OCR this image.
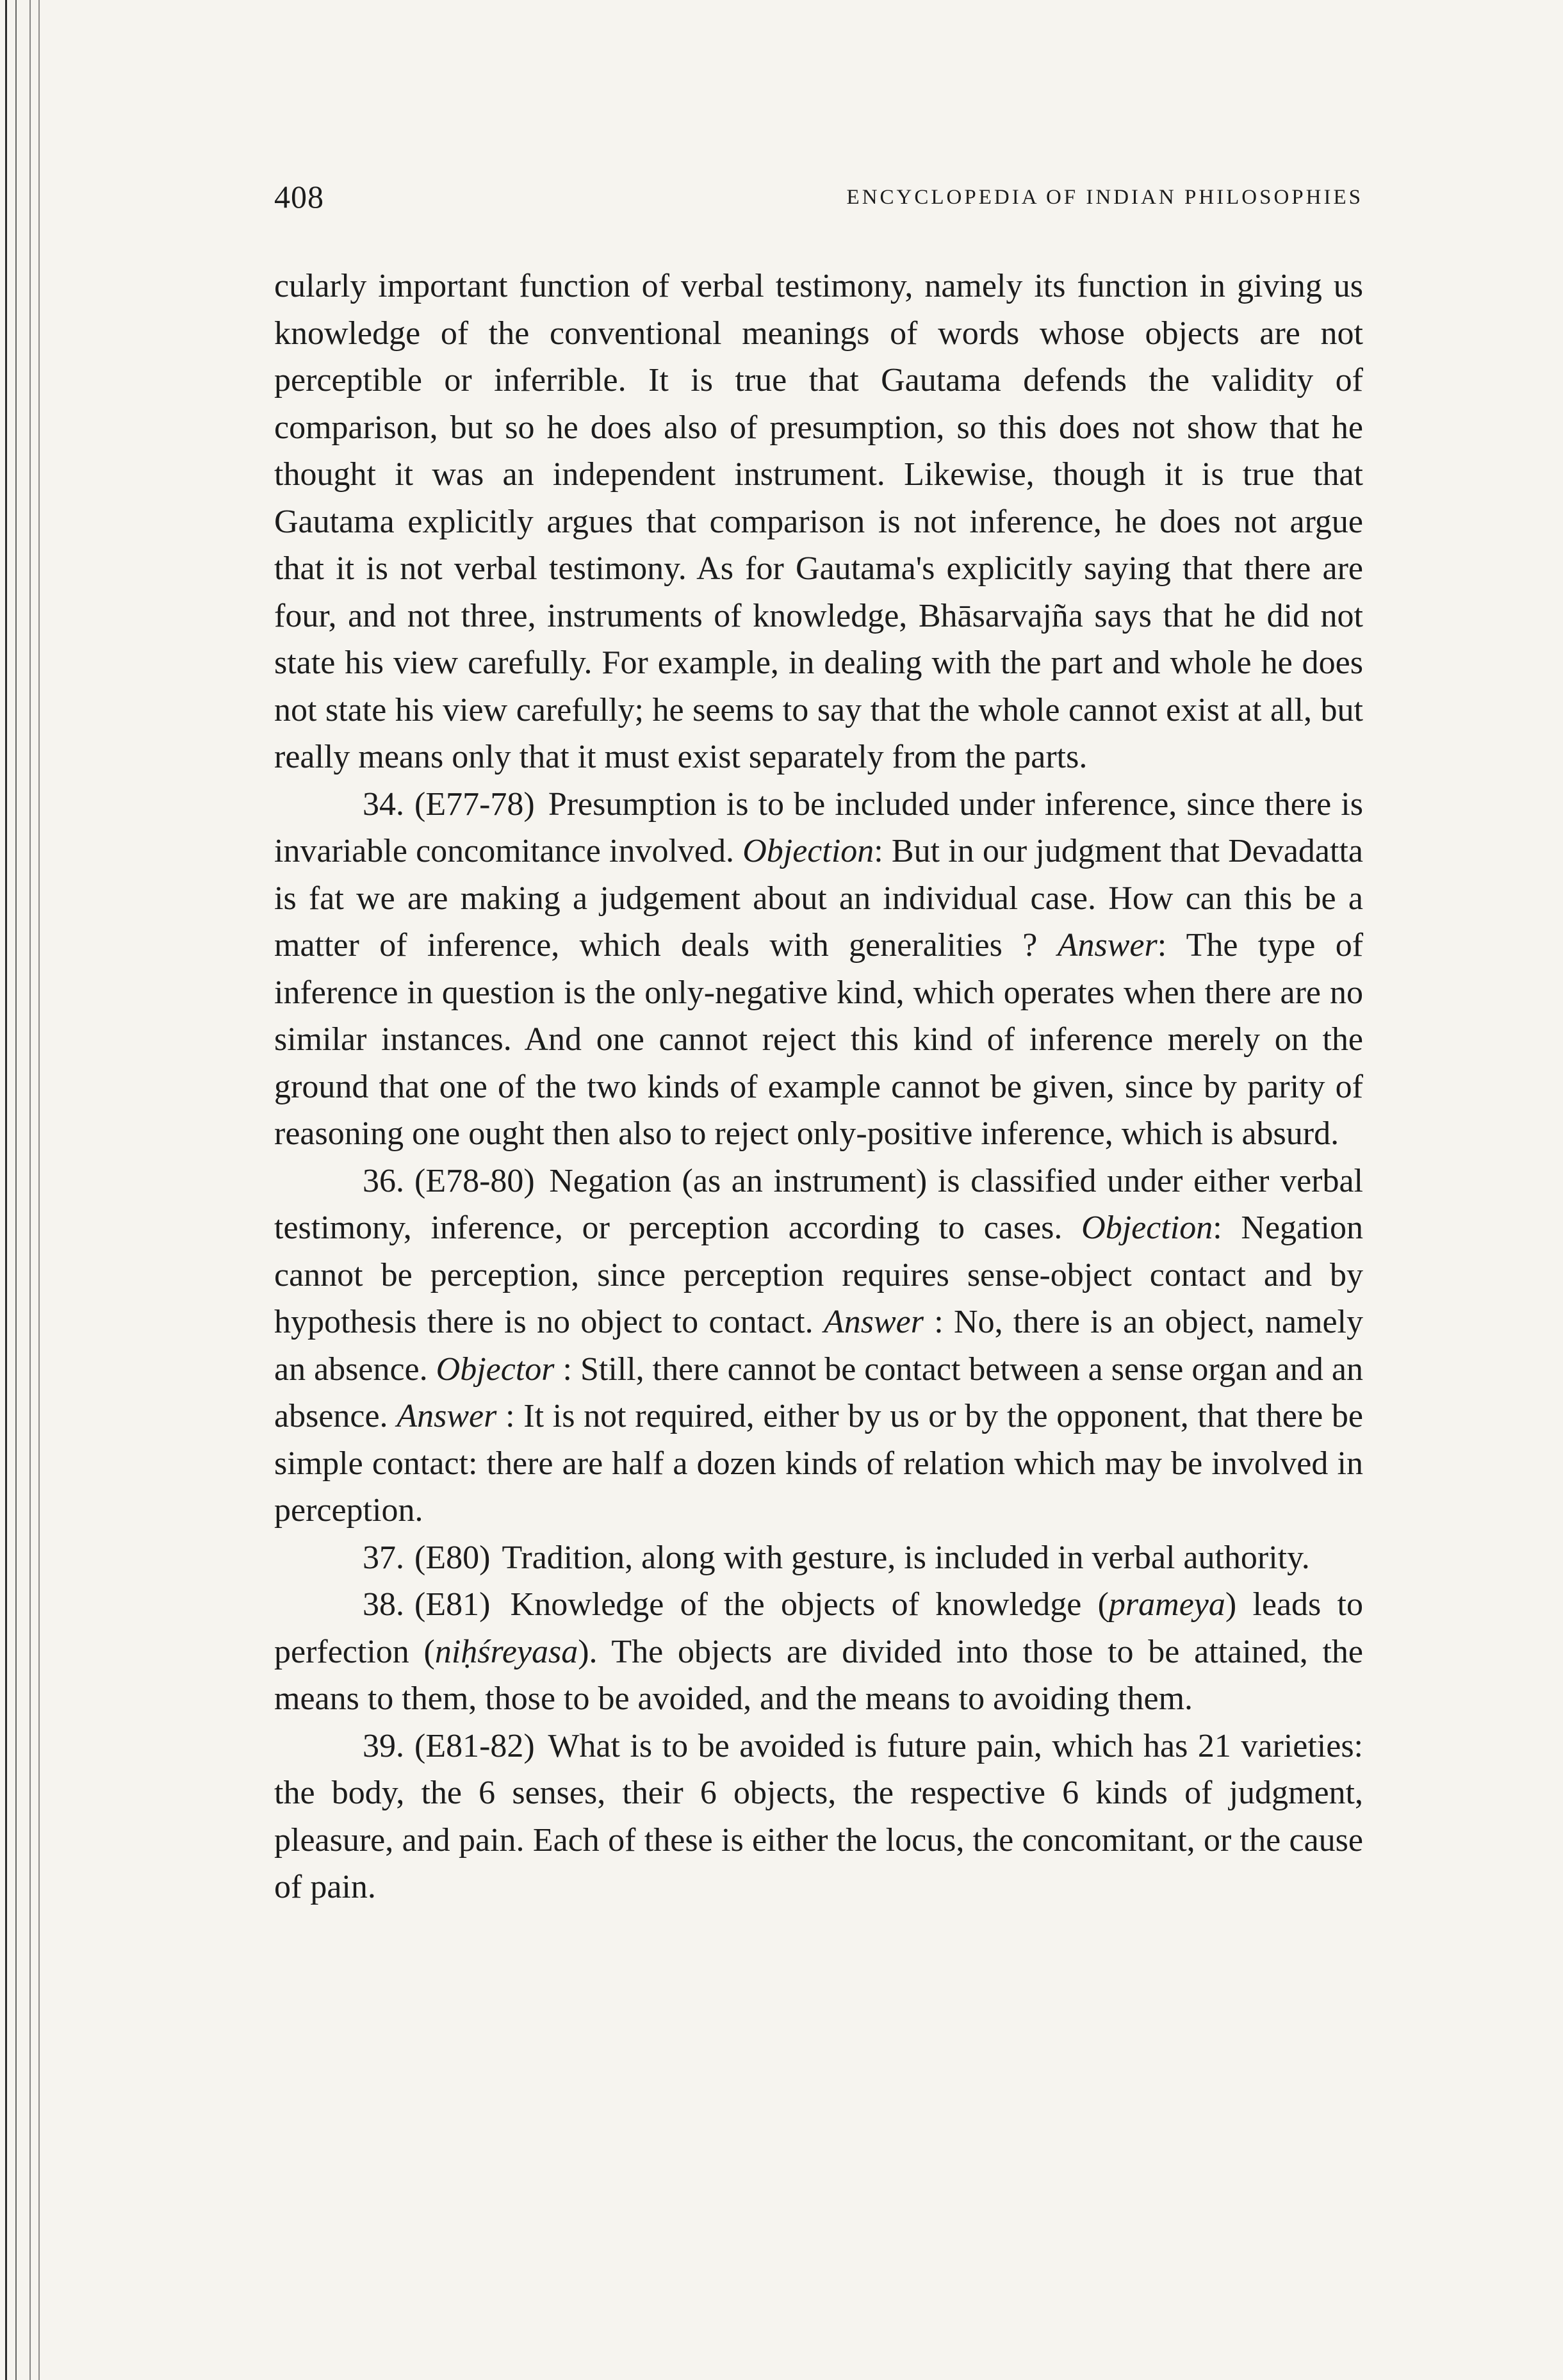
408	ENCYCLOPEDIA OF INDIAN PHILOSOPHIES

cularly important function of verbal testimony, namely its function in giving us knowledge of the conventional meanings of words whose objects are not perceptible or inferrible. It is true that Gautama defends the validity of comparison, but so he does also of presumption, so this does not show that he thought it was an independent instrument. Likewise, though it is true that Gautama explicitly argues that comparison is not inference, he does not argue that it is not verbal testimony. As for Gautama's explicitly saying that there are four, and not three, instruments of knowledge, Bhāsarvajña says that he did not state his view carefully. For example, in dealing with the part and whole he does not state his view carefully; he seems to say that the whole cannot exist at all, but really means only that it must exist separately from the parts.

34. (E77-78) Presumption is to be included under inference, since there is invariable concomitance involved. Objection: But in our judgment that Devadatta is fat we are making a judgement about an individual case. How can this be a matter of inference, which deals with generalities ? Answer: The type of inference in question is the only-negative kind, which operates when there are no similar instances. And one cannot reject this kind of inference merely on the ground that one of the two kinds of example cannot be given, since by parity of reasoning one ought then also to reject only-positive inference, which is absurd.

36. (E78-80) Negation (as an instrument) is classified under either verbal testimony, inference, or perception according to cases. Objection: Negation cannot be perception, since perception requires sense-object contact and by hypothesis there is no object to contact. Answer : No, there is an object, namely an absence. Objector : Still, there cannot be contact between a sense organ and an absence. Answer : It is not required, either by us or by the opponent, that there be simple contact: there are half a dozen kinds of relation which may be involved in perception.

37. (E80) Tradition, along with gesture, is included in verbal authority.

38. (E81) Knowledge of the objects of knowledge (prameya) leads to perfection (niḥśreyasa). The objects are divided into those to be attained, the means to them, those to be avoided, and the means to avoiding them.

39. (E81-82) What is to be avoided is future pain, which has 21 varieties: the body, the 6 senses, their 6 objects, the respective 6 kinds of judgment, pleasure, and pain. Each of these is either the locus, the concomitant, or the cause of pain.
